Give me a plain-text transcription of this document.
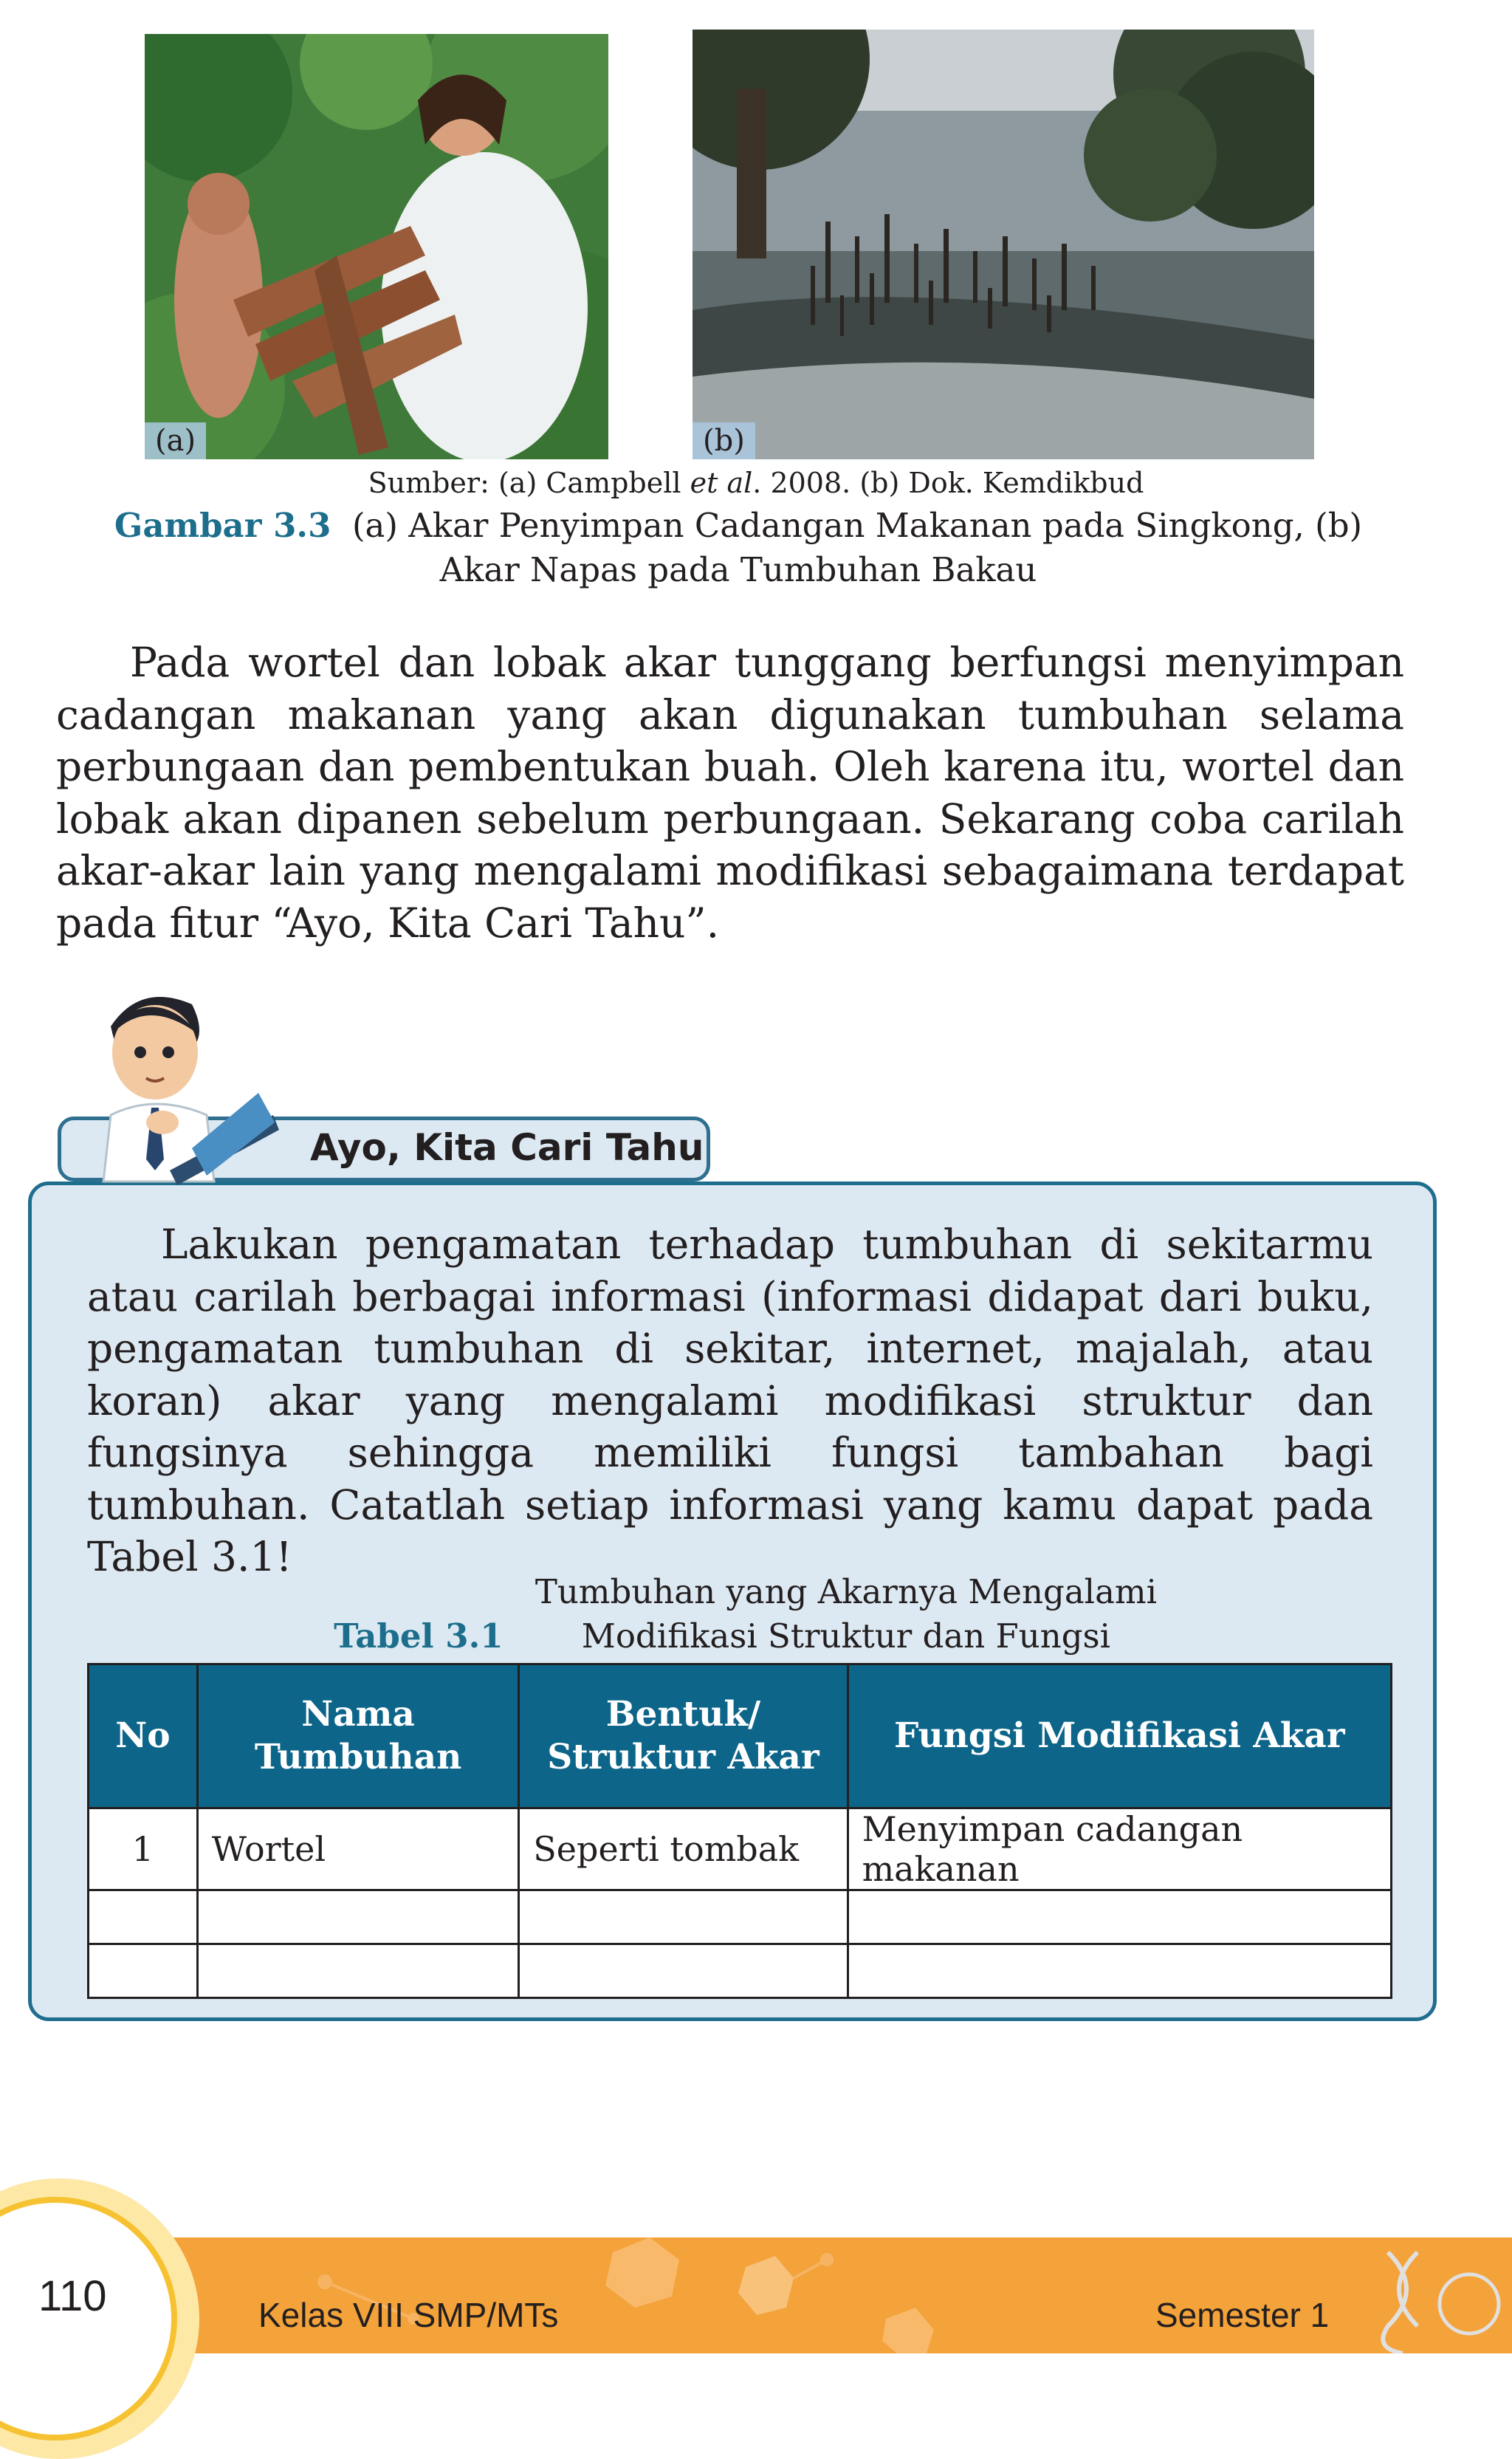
(a)	(b)
Sumber: (a) Campbell et al. 2008. (b) Dok. Kemdikbud
Gambar 3.3 (a) Akar Penyimpan Cadangan Makanan pada Singkong, (b) Akar Napas pada Tumbuhan Bakau
Pada wortel dan lobak akar tunggang berfungsi menyimpan cadangan makanan yang akan digunakan tumbuhan selama perbungaan dan pembentukan buah. Oleh karena itu, wortel dan lobak akan dipanen sebelum perbungaan. Sekarang coba carilah akar-akar lain yang mengalami modifikasi sebagaimana terdapat pada fitur “Ayo, Kita Cari Tahu”.
Ayo, Kita Cari Tahu
Lakukan pengamatan terhadap tumbuhan di sekitarmu atau carilah berbagai informasi (informasi didapat dari buku, pengamatan tumbuhan di sekitar, internet, majalah, atau koran) akar yang mengalami modifikasi struktur dan fungsinya sehingga memiliki fungsi tambahan bagi tumbuhan. Catatlah setiap informasi yang kamu dapat pada Tabel 3.1!
Tabel 3.1 Tumbuhan yang Akarnya Mengalami Modifikasi Struktur dan Fungsi
No	Nama Tumbuhan	Bentuk/ Struktur Akar	Fungsi Modifikasi Akar
1	Wortel	Seperti tombak	Menyimpan cadangan makanan

110	Kelas VIII SMP/MTs	Semester 1
